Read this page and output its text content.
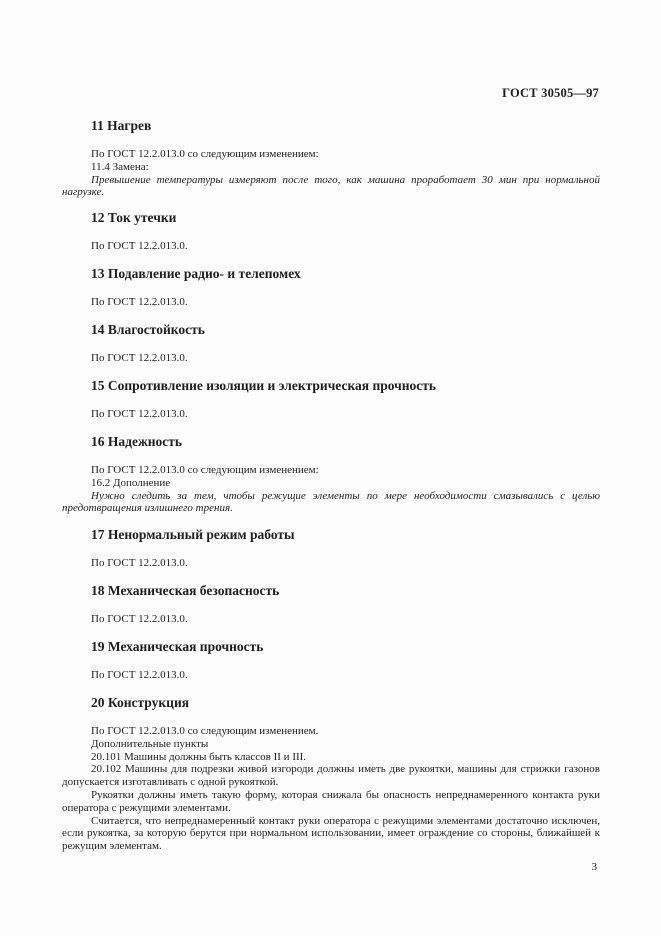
ГОСТ 30505—97
11 Нагрев
По ГОСТ 12.2.013.0 со следующим изменением:
11.4 Замена:
Превышение температуры измеряют после того, как машина проработает 30 мин при нормальной нагрузке.
12 Ток утечки
По ГОСТ 12.2.013.0.
13 Подавление радио- и телепомех
По ГОСТ 12.2.013.0.
14 Влагостойкость
По ГОСТ 12.2.013.0.
15 Сопротивление изоляции и электрическая прочность
По ГОСТ 12.2.013.0.
16 Надежность
По ГОСТ 12.2.013.0 со следующим изменением:
16.2 Дополнение
Нужно следить за тем, чтобы режущие элементы по мере необходимости смазывались с целью предотвращения излишнего трения.
17 Ненормальный режим работы
По ГОСТ 12.2.013.0.
18 Механическая безопасность
По ГОСТ 12.2.013.0.
19 Механическая прочность
По ГОСТ 12.2.013.0.
20 Конструкция
По ГОСТ 12.2.013.0 со следующим изменением.
Дополнительные пункты
20.101 Машины должны быть классов II и III.
20.102 Машины для подрезки живой изгороди должны иметь две рукоятки, машины для стрижки газонов допускается изготавливать с одной рукояткой.
Рукоятки должны иметь такую форму, которая снижала бы опасность непреднамеренного контакта руки оператора с режущими элементами.
Считается, что непреднамеренный контакт руки оператора с режущими элементами достаточно исключен, если рукоятка, за которую берутся при нормальном использовании, имеет ограждение со стороны, ближайшей к режущим элементам.
3
